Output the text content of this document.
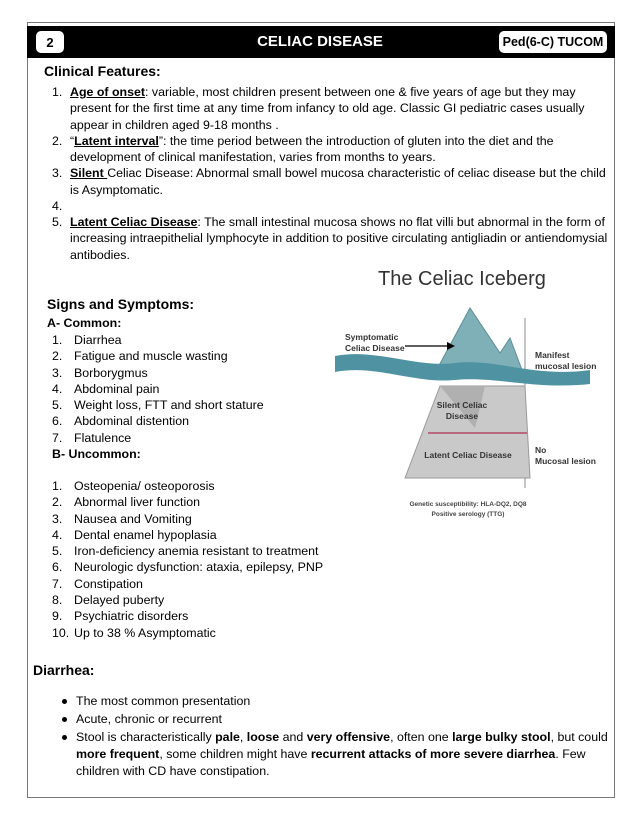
2	CELIAC DISEASE	Ped(6-C) TUCOM
Clinical Features:
1. Age of onset: variable, most children present between one & five years of age but they may present for the first time at any time from infancy to old age. Classic GI pediatric cases usually appear in children aged 9-18 months .
2. “Latent interval”: the time period between the introduction of gluten into the diet and the development of clinical manifestation, varies from months to years.
3. Silent Celiac Disease: Abnormal small bowel mucosa characteristic of celiac disease but the child is Asymptomatic.
4.
5. Latent Celiac Disease: The small intestinal mucosa shows no flat villi but abnormal in the form of increasing intraepithelial lymphocyte in addition to positive circulating antigliadin or antiendomysial antibodies.
Signs and Symptoms:
A- Common:
1. Diarrhea
2. Fatigue and muscle wasting
3. Borborygmus
4. Abdominal pain
5. Weight loss, FTT and short stature
6. Abdominal distention
7. Flatulence
B- Uncommon:
1. Osteopenia/ osteoporosis
2. Abnormal liver function
3. Nausea and Vomiting
4. Dental enamel hypoplasia
5. Iron-deficiency anemia resistant to treatment
6. Neurologic dysfunction: ataxia, epilepsy, PNP
7. Constipation
8. Delayed puberty
9. Psychiatric disorders
10. Up to 38 % Asymptomatic
The Celiac Iceberg
Symptomatic
Celiac Disease
Silent Celiac
Disease
Latent Celiac Disease
Manifest
mucosal lesion
No
Mucosal lesion
Genetic susceptibility: HLA-DQ2, DQ8
Positive serology (TTG)
Diarrhea:
The most common presentation
Acute, chronic or recurrent
Stool is characteristically pale, loose and very offensive, often one large bulky stool, but could more frequent, some children might have recurrent attacks of more severe diarrhea. Few children with CD have constipation.
